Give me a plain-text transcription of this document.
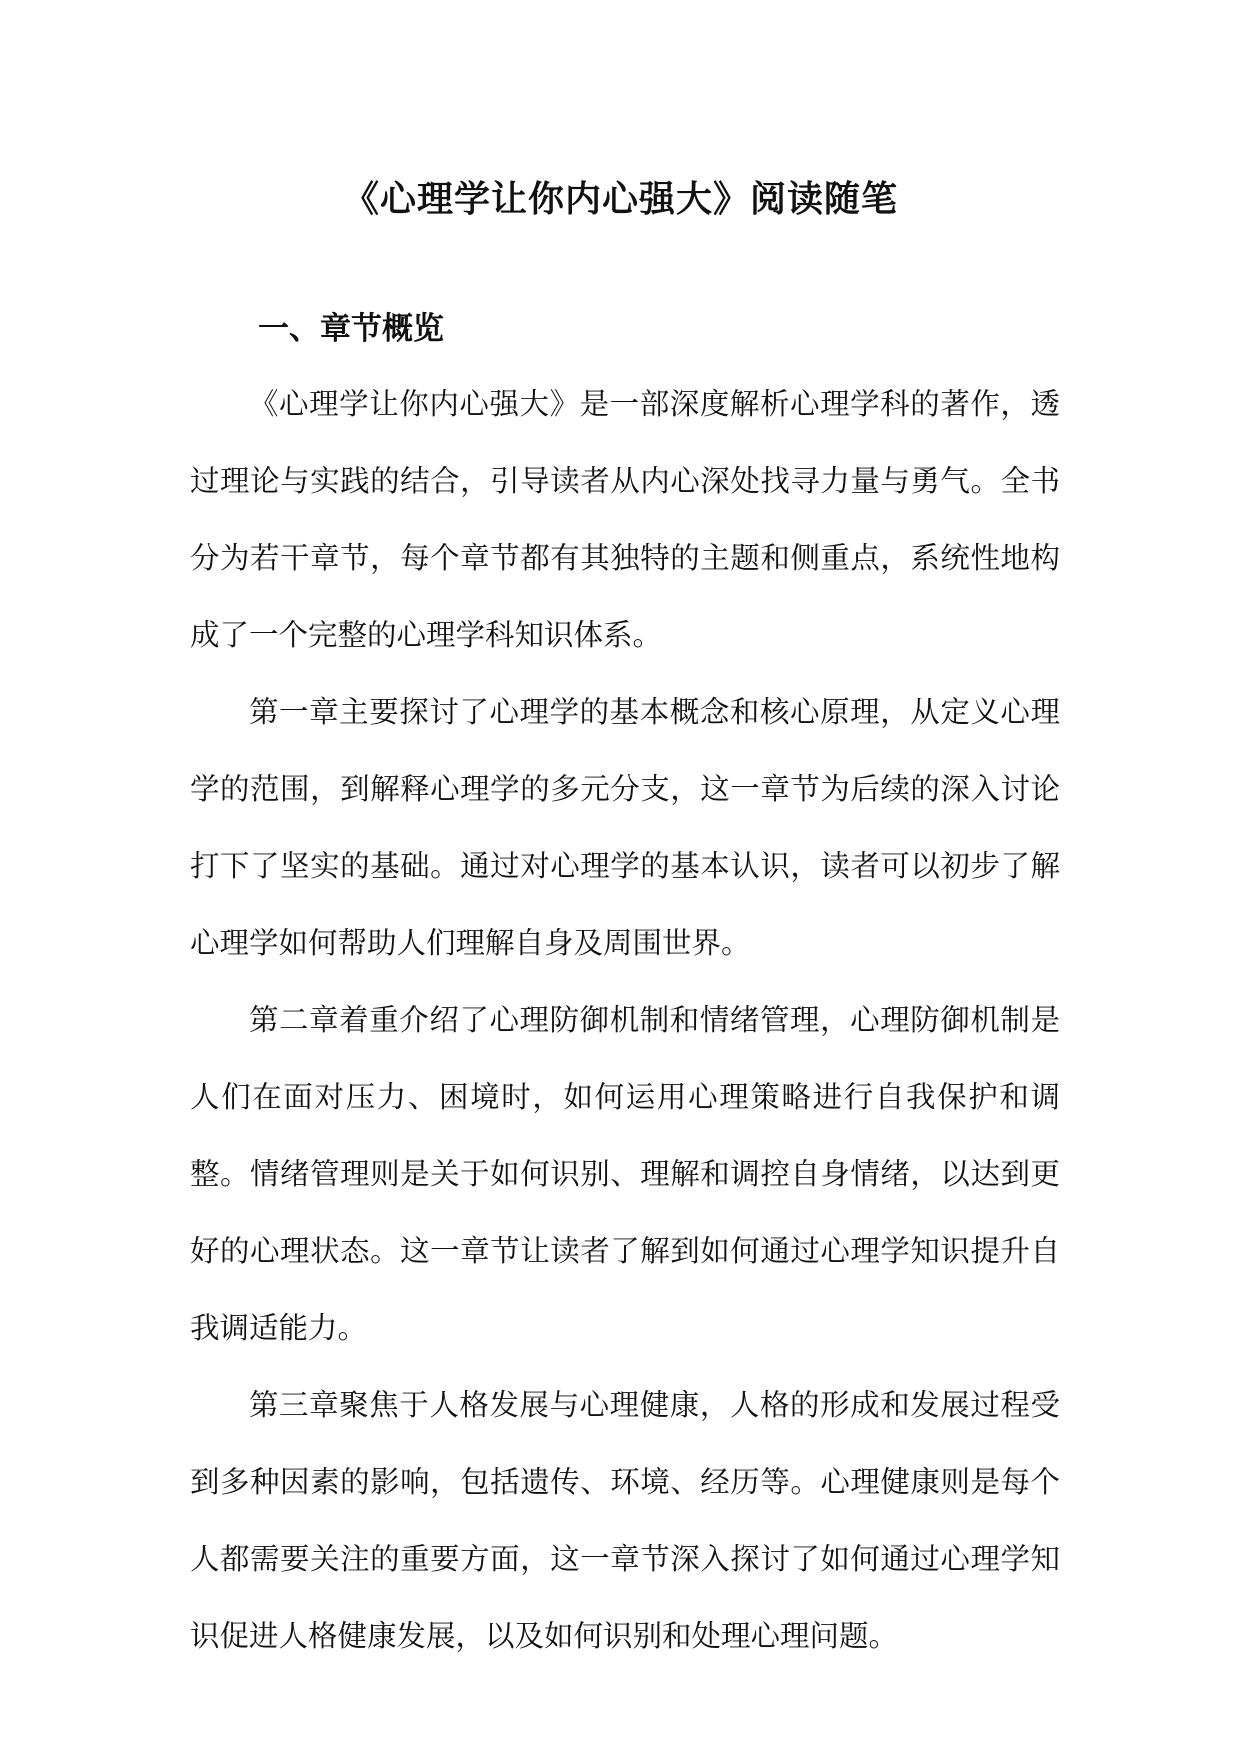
《心理学让你内心强大》阅读随笔
一、章节概览

《心理学让你内心强大》是一部深度解析心理学科的著作，透过理论与实践的结合，引导读者从内心深处找寻力量与勇气。全书分为若干章节，每个章节都有其独特的主题和侧重点，系统性地构成了一个完整的心理学科知识体系。

第一章主要探讨了心理学的基本概念和核心原理，从定义心理学的范围，到解释心理学的多元分支，这一章节为后续的深入讨论打下了坚实的基础。通过对心理学的基本认识，读者可以初步了解心理学如何帮助人们理解自身及周围世界。

第二章着重介绍了心理防御机制和情绪管理，心理防御机制是人们在面对压力、困境时，如何运用心理策略进行自我保护和调整。情绪管理则是关于如何识别、理解和调控自身情绪，以达到更好的心理状态。这一章节让读者了解到如何通过心理学知识提升自我调适能力。

第三章聚焦于人格发展与心理健康，人格的形成和发展过程受到多种因素的影响，包括遗传、环境、经历等。心理健康则是每个人都需要关注的重要方面，这一章节深入探讨了如何通过心理学知识促进人格健康发展，以及如何识别和处理心理问题。
